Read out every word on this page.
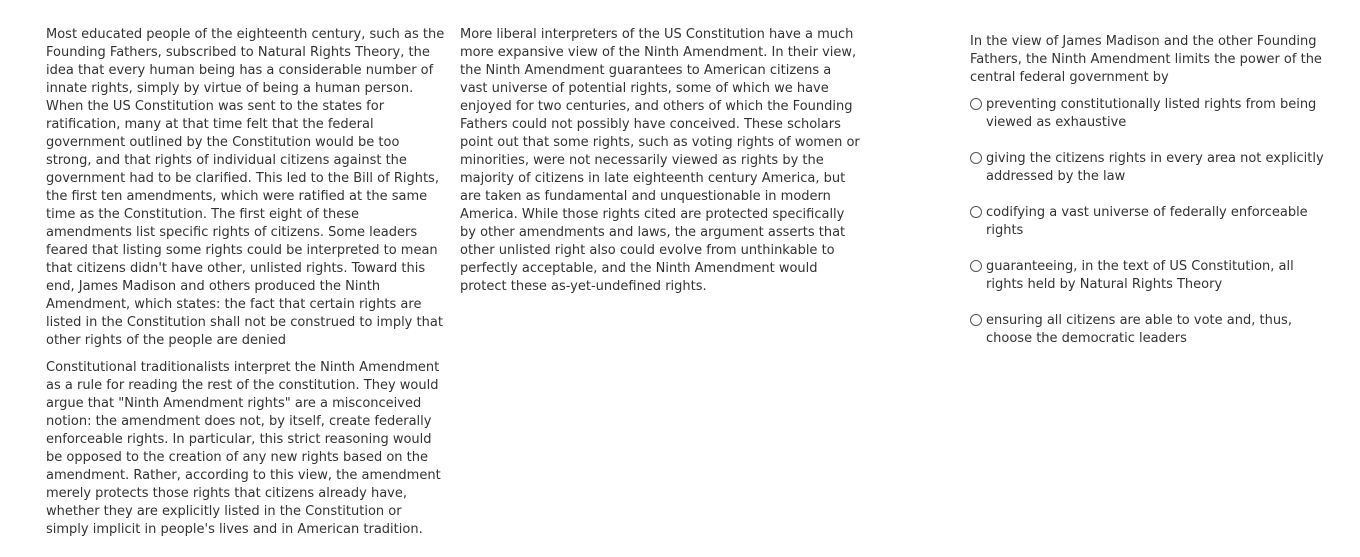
Most educated people of the eighteenth century, such as the Founding Fathers, subscribed to Natural Rights Theory, the idea that every human being has a considerable number of innate rights, simply by virtue of being a human person. When the US Constitution was sent to the states for ratification, many at that time felt that the federal government outlined by the Constitution would be too strong, and that rights of individual citizens against the government had to be clarified. This led to the Bill of Rights, the first ten amendments, which were ratified at the same time as the Constitution. The first eight of these amendments list specific rights of citizens. Some leaders feared that listing some rights could be interpreted to mean that citizens didn't have other, unlisted rights. Toward this end, James Madison and others produced the Ninth Amendment, which states: the fact that certain rights are listed in the Constitution shall not be construed to imply that other rights of the people are denied

Constitutional traditionalists interpret the Ninth Amendment as a rule for reading the rest of the constitution. They would argue that "Ninth Amendment rights" are a misconceived notion: the amendment does not, by itself, create federally enforceable rights. In particular, this strict reasoning would be opposed to the creation of any new rights based on the amendment. Rather, according to this view, the amendment merely protects those rights that citizens already have, whether they are explicitly listed in the Constitution or simply implicit in people's lives and in American tradition.

More liberal interpreters of the US Constitution have a much more expansive view of the Ninth Amendment. In their view, the Ninth Amendment guarantees to American citizens a vast universe of potential rights, some of which we have enjoyed for two centuries, and others of which the Founding Fathers could not possibly have conceived. These scholars point out that some rights, such as voting rights of women or minorities, were not necessarily viewed as rights by the majority of citizens in late eighteenth century America, but are taken as fundamental and unquestionable in modern America. While those rights cited are protected specifically by other amendments and laws, the argument asserts that other unlisted right also could evolve from unthinkable to perfectly acceptable, and the Ninth Amendment would protect these as-yet-undefined rights.

In the view of James Madison and the other Founding Fathers, the Ninth Amendment limits the power of the central federal government by

preventing constitutionally listed rights from being viewed as exhaustive
giving the citizens rights in every area not explicitly addressed by the law
codifying a vast universe of federally enforceable rights
guaranteeing, in the text of US Constitution, all rights held by Natural Rights Theory
ensuring all citizens are able to vote and, thus, choose the democratic leaders
